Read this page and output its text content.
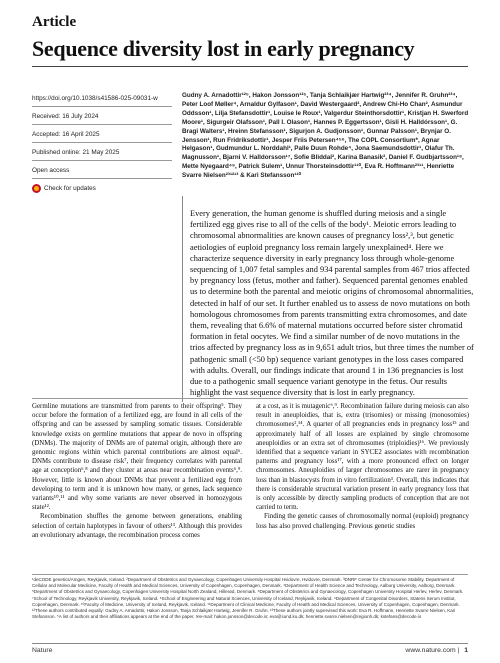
Article
Sequence diversity lost in early pregnancy
https://doi.org/10.1038/s41586-025-09031-w
Received: 16 July 2024
Accepted: 16 April 2025
Published online: 21 May 2025
Open access
Check for updates
Gudny A. Arnadottir¹²⁵, Hakon Jonsson¹²⁵, Tanja Schlaikjær Hartwig²³⁴, Jennifer R. Gruhn²³⁴, Peter Loof Møller⁴, Arnaldur Gylfason¹, David Westergaard², Andrew Chi-Ho Chan², Asmundur Oddsson¹, Lilja Stefansdottir¹, Louise le Roux¹, Valgerdur Steinthorsdottir¹, Kristjan H. Swerford Moore¹, Sigurgeir Olafsson¹, Pall I. Olason¹, Hannes P. Eggertsson¹, Gisli H. Halldórsson¹, G. Bragi Walters¹, Hreinn Stefansson¹, Sigurjon A. Gudjonsson¹, Gunnar Palsson¹, Brynjar O. Jensson¹, Run Fridriksdottir¹, Jesper Friis Petersen⁴⁵⁶, The COPL Consortium*, Agnar Helgason¹, Gudmundur L. Norddahl¹, Palle Duun Rohde⁴, Jona Saemundsdottir¹, Olafur Th. Magnusson¹, Bjarni V. Halldorsson¹⁷, Sofie Bliddal², Karina Banasik², Daniel F. Gudbjartsson¹⁸, Mette Nyegaard⁴⁹, Patrick Sulem¹, Unnur Thorsteinsdottir¹¹⁰, Eva R. Hoffmann²³¹¹, Henriette Svarre Nielsen²³¹²¹³ & Kari Stefansson¹¹⁰

Every generation, the human genome is shuffled during meiosis and a single fertilized egg gives rise to all of the cells of the body¹. Meiotic errors leading to chromosomal abnormalities are known causes of pregnancy loss²,³, but genetic aetiologies of euploid pregnancy loss remain largely unexplained⁴. Here we characterize sequence diversity in early pregnancy loss through whole-genome sequencing of 1,007 fetal samples and 934 parental samples from 467 trios affected by pregnancy loss (fetus, mother and father). Sequenced parental genomes enabled us to determine both the parental and meiotic origins of chromosomal abnormalities, detected in half of our set. It further enabled us to assess de novo mutations on both homologous chromosomes from parents transmitting extra chromosomes, and date them, revealing that 6.6% of maternal mutations occurred before sister chromatid formation in fetal oocytes. We find a similar number of de novo mutations in the trios affected by pregnancy loss as in 9,651 adult trios, but three times the number of pathogenic small (<50 bp) sequence variant genotypes in the loss cases compared with adults. Overall, our findings indicate that around 1 in 136 pregnancies is lost due to a pathogenic small sequence variant genotype in the fetus. Our results highlight the vast sequence diversity that is lost in early pregnancy.

Germline mutations are transmitted from parents to their offspring⁵. They occur before the formation of a fertilized egg, are found in all cells of the offspring and can be assessed by sampling somatic tissues. Considerable knowledge exists on germline mutations that appear de novo in offspring (DNMs). The majority of DNMs are of paternal origin, although there are genomic regions within which parental contributions are almost equal⁶. DNMs contribute to disease risk⁷, their frequency correlates with parental age at conception⁶,⁸ and they cluster at areas near recombination events⁶,⁹. However, little is known about DNMs that prevent a fertilized egg from developing to term and it is unknown how many, or genes, lack sequence variants¹⁰,¹¹ and why some variants are never observed in homozygous state¹².

Recombination shuffles the genome between generations, enabling selection of certain haplotypes in favour of others¹³. Although this provides an evolutionary advantage, the recombination process comes

at a cost, as it is mutagenic⁶,⁹. Recombination failure during meiosis can also result in aneuploidies, that is, extra (trisomies) or missing (monosomies) chromosomes²,¹⁴. A quarter of all pregnancies ends in pregnancy loss¹⁵ and approximately half of all losses are explained by single chromosome aneuploidies or an extra set of chromosomes (triploidies)¹⁶. We previously identified that a sequence variant in SYCE2 associates with recombination patterns and pregnancy loss¹⁷, with a more pronounced effect on longer chromosomes. Aneuploidies of larger chromosomes are rarer in pregnancy loss than in blastocysts from in vitro fertilization³. Overall, this indicates that there is considerable structural variation present in early pregnancy loss that is only accessible by directly sampling products of conception that are not carried to term.

Finding the genetic causes of chromosomally normal (euploid) pregnancy loss has also proved challenging. Previous genetic studies

¹deCODE genetics/Amgen, Reykjavik, Iceland. ²Department of Obstetrics and Gynaecology, Copenhagen University Hospital Hvidovre, Hvidovre, Denmark. ³DNRF Center for Chromosome Stability, Department of Cellular and Molecular Medicine, Faculty of Health and Medical Sciences, University of Copenhagen, Copenhagen, Denmark. ⁴Department of Health Science and Technology, Aalborg University, Aalborg, Denmark. ⁵Department of Obstetrics and Gynaecology, Copenhagen University Hospital North Zealand, Hillerød, Denmark. ⁶Department of Obstetrics and Gynaecology, Copenhagen University Hospital Herlev, Herlev, Denmark. ⁷School of Technology, Reykjavik University, Reykjavik, Iceland. ⁸School of Engineering and Natural Sciences, University of Iceland, Reykjavik, Iceland. ⁹Department of Congenital Disorders, Statens Serum Institut, Copenhagen, Denmark. ¹⁰Faculty of Medicine, University of Iceland, Reykjavik, Iceland. ¹¹Department of Clinical Medicine, Faculty of Health and Medical Sciences, University of Copenhagen, Copenhagen, Denmark. ¹²These authors contributed equally: Gudny A. Arnadottir, Hakon Jonsson, Tanja Schlaikjær Hartwig, Jennifer R. Gruhn. ¹³These authors jointly supervised this work: Eva R. Hoffmann, Henriette Svarre Nielsen, Kari Stefansson. *A list of authors and their affiliations appears at the end of the paper. ✉e-mail: hakon.jonsson@decode.is; eva@sund.ku.dk; henriette.svarre.nielsen@regionh.dk; kstefans@decode.is
Nature	www.nature.com | 1
